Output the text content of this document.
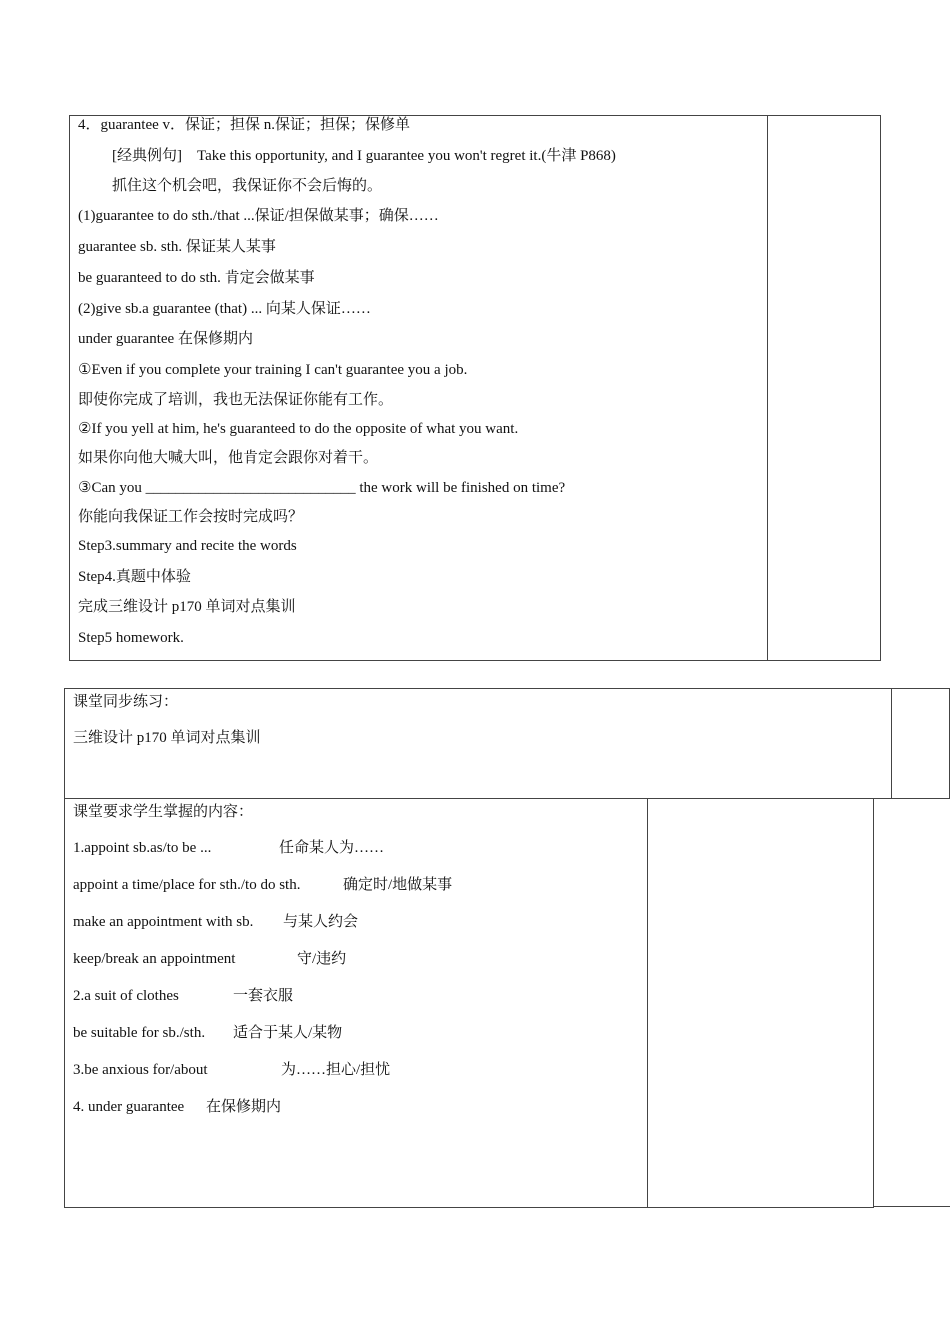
4．guarantee v．保证；担保 n.保证；担保；保修单
[经典例句]　Take this opportunity, and I guarantee you won't regret it.(牛津 P868)
抓住这个机会吧，我保证你不会后悔的。
(1)guarantee to do sth./that ...保证/担保做某事；确保……
guarantee sb. sth. 保证某人某事
be guaranteed to do sth. 肯定会做某事
(2)give sb.a guarantee (that) ... 向某人保证……
under guarantee 在保修期内
①Even if you complete your training I can't guarantee you a job.
即使你完成了培训，我也无法保证你能有工作。
②If you yell at him, he's guaranteed to do the opposite of what you want.
如果你向他大喊大叫，他肯定会跟你对着干。
③Can you ____________________________ the work will be finished on time?
你能向我保证工作会按时完成吗？
Step3.summary and recite the words
Step4.真题中体验
完成三维设计 p170 单词对点集训
Step5 homework.
课堂同步练习：
三维设计 p170 单词对点集训
课堂要求学生掌握的内容：
1.appoint sb.as/to be ...	任命某人为……
appoint a time/place for sth./to do sth.	确定时/地做某事
make an appointment with sb. 与某人约会
keep/break an appointment	守/违约
2.a suit of clothes	一套衣服
be suitable for sb./sth. 适合于某人/某物
3.be anxious for/about	为……担心/担忧
4. under guarantee 在保修期内
